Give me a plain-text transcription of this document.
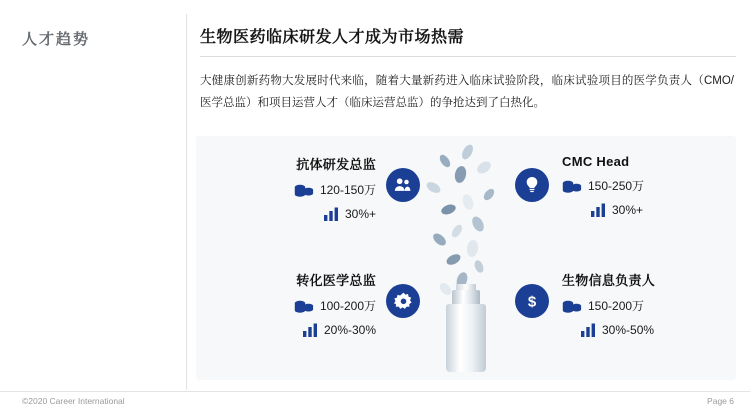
人才趋势	生物医药临床研发人才成为市场热需
大健康创新药物大发展时代来临，随着大量新药进入临床试验阶段，临床试验项目的医学负责人（CMO/医学总监）和项目运营人才（临床运营总监）的争抢达到了白热化。
抗体研发总监
120-150万
30%+
CMC Head
150-250万
30%+
转化医学总监
100-200万
20%-30%
$
生物信息负责人
150-200万
30%-50%
©2020 Career International	Page 6
